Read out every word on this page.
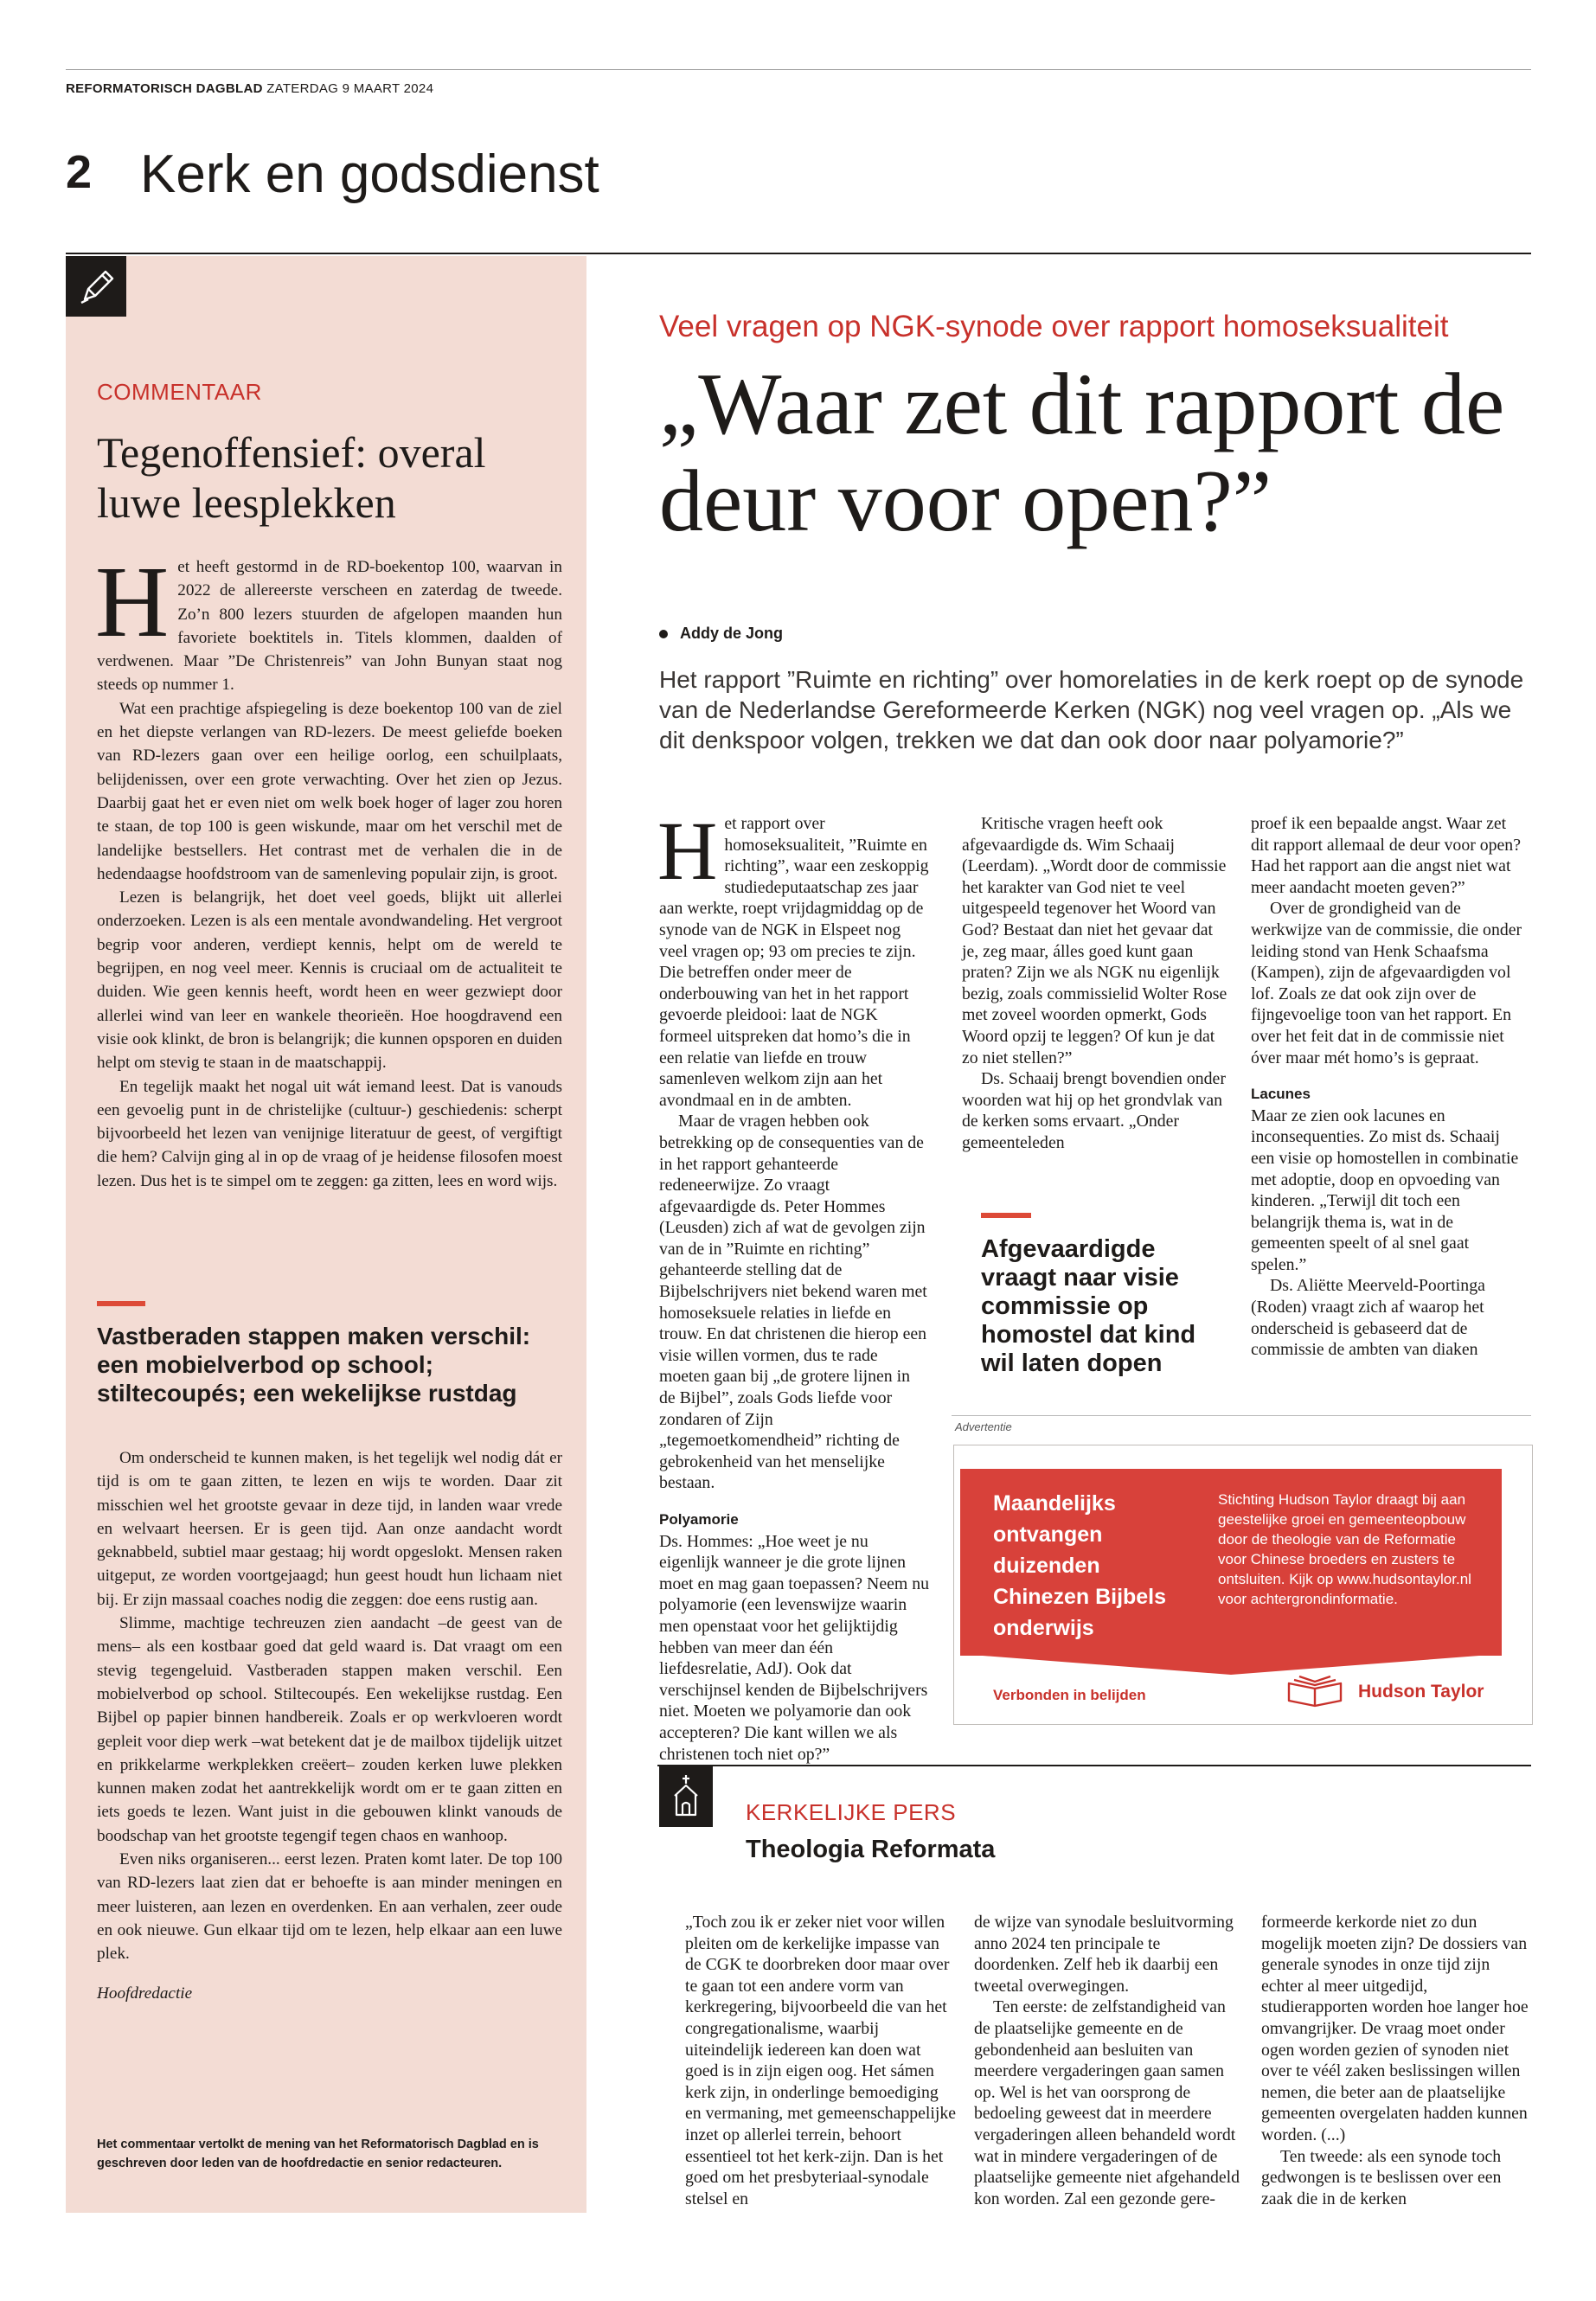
REFORMATORISCH DAGBLAD ZATERDAG 9 MAART 2024
2 Kerk en godsdienst
COMMENTAAR
Tegenoffensief: overal luwe leesplekken

Het heeft gestormd in de RD-boekentop 100, waarvan in 2022 de allereerste verscheen en zaterdag de tweede. Zo’n 800 lezers stuurden de afgelopen maanden hun favoriete boektitels in. Titels klommen, daalden of verdwenen. Maar ”De Christenreis” van John Bunyan staat nog steeds op nummer 1.

Wat een prachtige afspiegeling is deze boekentop 100 van de ziel en het diepste verlangen van RD-lezers. De meest geliefde boeken van RD-lezers gaan over een heilige oorlog, een schuilplaats, belijdenissen, over een grote verwachting. Over het zien op Jezus. Daarbij gaat het er even niet om welk boek hoger of lager zou horen te staan, de top 100 is geen wiskunde, maar om het verschil met de landelijke bestsellers. Het contrast met de verhalen die in de hedendaagse hoofdstroom van de samenleving populair zijn, is groot.

Lezen is belangrijk, het doet veel goeds, blijkt uit allerlei onderzoeken. Lezen is als een mentale avondwandeling. Het vergroot begrip voor anderen, verdiept kennis, helpt om de wereld te begrijpen, en nog veel meer. Kennis is cruciaal om de actualiteit te duiden. Wie geen kennis heeft, wordt heen en weer gezwiept door allerlei wind van leer en wankele theorieën. Hoe hoogdravend een visie ook klinkt, de bron is belangrijk; die kunnen opsporen en duiden helpt om stevig te staan in de maatschappij.

En tegelijk maakt het nogal uit wát iemand leest. Dat is vanouds een gevoelig punt in de christelijke (cultuur-) geschiedenis: scherpt bijvoorbeeld het lezen van venijnige literatuur de geest, of vergiftigt die hem? Calvijn ging al in op de vraag of je heidense filosofen moest lezen. Dus het is te simpel om te zeggen: ga zitten, lees en word wijs.

Vastberaden stappen maken verschil: een mobielverbod op school; stiltecoupés; een wekelijkse rustdag

Om onderscheid te kunnen maken, is het tegelijk wel nodig dát er tijd is om te gaan zitten, te lezen en wijs te worden. Daar zit misschien wel het grootste gevaar in deze tijd, in landen waar vrede en welvaart heersen. Er is geen tijd. Aan onze aandacht wordt geknabbeld, subtiel maar gestaag; hij wordt opgeslokt. Mensen raken uitgeput, ze worden voortgejaagd; hun geest houdt hun lichaam niet bij. Er zijn massaal coaches nodig die zeggen: doe eens rustig aan.

Slimme, machtige techreuzen zien aandacht –de geest van de mens– als een kostbaar goed dat geld waard is. Dat vraagt om een stevig tegengeluid. Vastberaden stappen maken verschil. Een mobielverbod op school. Stiltecoupés. Een wekelijkse rustdag. Een Bijbel op papier binnen handbereik. Zoals er op werkvloeren wordt gepleit voor diep werk –wat betekent dat je de mailbox tijdelijk uitzet en prikkelarme werkplekken creëert– zouden kerken luwe plekken kunnen maken zodat het aantrekkelijk wordt om er te gaan zitten en iets goeds te lezen. Want juist in die gebouwen klinkt vanouds de boodschap van het grootste tegengif tegen chaos en wanhoop.

Even niks organiseren... eerst lezen. Praten komt later. De top 100 van RD-lezers laat zien dat er behoefte is aan minder meningen en meer luisteren, aan lezen en overdenken. En aan verhalen, zeer oude en ook nieuwe. Gun elkaar tijd om te lezen, help elkaar aan een luwe plek.

Hoofdredactie

Het commentaar vertolkt de mening van het Reformatorisch Dagblad en is geschreven door leden van de hoofdredactie en senior redacteuren.
Veel vragen op NGK-synode over rapport homoseksualiteit
„Waar zet dit rapport de deur voor open?”
Addy de Jong
Het rapport ”Ruimte en richting” over homorelaties in de kerk roept op de synode van de Nederlandse Gereformeerde Kerken (NGK) nog veel vragen op. „Als we dit denkspoor volgen, trekken we dat dan ook door naar polyamorie?”

Het rapport over homoseksualiteit, ”Ruimte en richting”, waar een zeskoppig studiedeputaatschap zes jaar aan werkte, roept vrijdagmiddag op de synode van de NGK in Elspeet nog veel vragen op; 93 om precies te zijn. Die betreffen onder meer de onderbouwing van het in het rapport gevoerde pleidooi: laat de NGK formeel uitspreken dat homo’s die in een relatie van liefde en trouw samenleven welkom zijn aan het avondmaal en in de ambten.

Maar de vragen hebben ook betrekking op de consequenties van de in het rapport gehanteerde redeneerwijze. Zo vraagt afgevaardigde ds. Peter Hommes (Leusden) zich af wat de gevolgen zijn van de in ”Ruimte en richting” gehanteerde stelling dat de Bijbelschrijvers niet bekend waren met homoseksuele relaties in liefde en trouw. En dat christenen die hierop een visie willen vormen, dus te rade moeten gaan bij „de grotere lijnen in de Bijbel”, zoals Gods liefde voor zondaren of Zijn „tegemoetkomendheid” richting de gebrokenheid van het menselijke bestaan.

Polyamorie

Ds. Hommes: „Hoe weet je nu eigenlijk wanneer je die grote lijnen moet en mag gaan toepassen? Neem nu polyamorie (een levenswijze waarin men openstaat voor het gelijktijdig hebben van meer dan één liefdesrelatie, AdJ). Ook dat verschijnsel kenden de Bijbelschrijvers niet. Moeten we polyamorie dan ook accepteren? Die kant willen we als christenen toch niet op?”

Kritische vragen heeft ook afgevaardigde ds. Wim Schaaij (Leerdam). „Wordt door de commissie het karakter van God niet te veel uitgespeeld tegenover het Woord van God? Bestaat dan niet het gevaar dat je, zeg maar, álles goed kunt gaan praten? Zijn we als NGK nu eigenlijk bezig, zoals commissielid Wolter Rose met zoveel woorden opmerkt, Gods Woord opzij te leggen? Of kun je dat zo niet stellen?”

Ds. Schaaij brengt bovendien onder woorden wat hij op het grondvlak van de kerken soms ervaart. „Onder gemeenteleden

Afgevaardigde vraagt naar visie commissie op homostel dat kind wil laten dopen

proef ik een bepaalde angst. Waar zet dit rapport allemaal de deur voor open? Had het rapport aan die angst niet wat meer aandacht moeten geven?”

Over de grondigheid van de werkwijze van de commissie, die onder leiding stond van Henk Schaafsma (Kampen), zijn de afgevaardigden vol lof. Zoals ze dat ook zijn over de fijngevoelige toon van het rapport. En over het feit dat in de commissie niet óver maar mét homo’s is gepraat.

Lacunes

Maar ze zien ook lacunes en inconsequenties. Zo mist ds. Schaaij een visie op homostellen in combinatie met adoptie, doop en opvoeding van kinderen. „Terwijl dit toch een belangrijk thema is, wat in de gemeenten speelt of al snel gaat spelen.”

Ds. Aliëtte Meerveld-Poortinga (Roden) vraagt zich af waarop het onderscheid is gebaseerd dat de commissie de ambten van diaken

Advertentie
Maandelijks ontvangen duizenden Chinezen Bijbels onderwijs
Stichting Hudson Taylor draagt bij aan geestelijke groei en gemeenteopbouw door de theologie van de Reformatie voor Chinese broeders en zusters te ontsluiten. Kijk op www.hudsontaylor.nl voor achtergrondinformatie.
Verbonden in belijden	Hudson Taylor
KERKELIJKE PERS
Theologia Reformata

„Toch zou ik er zeker niet voor willen pleiten om de kerkelijke impasse van de CGK te doorbreken door maar over te gaan tot een andere vorm van kerkregering, bijvoorbeeld die van het congregationalisme, waarbij uiteindelijk iedereen kan doen wat goed is in zijn eigen oog. Het sámen kerk zijn, in onderlinge bemoediging en vermaning, met gemeenschappelijke inzet op allerlei terrein, behoort essentieel tot het kerk-zijn. Dan is het goed om het presbyteriaal-synodale stelsel en

de wijze van synodale besluitvorming anno 2024 ten principale te doordenken. Zelf heb ik daarbij een tweetal overwegingen.

Ten eerste: de zelfstandigheid van de plaatselijke gemeente en de gebondenheid aan besluiten van meerdere vergaderingen gaan samen op. Wel is het van oorsprong de bedoeling geweest dat in meerdere vergaderingen alleen behandeld wordt wat in mindere vergaderingen of de plaatselijke gemeente niet afgehandeld kon worden. Zal een gezonde gere-

formeerde kerkorde niet zo dun mogelijk moeten zijn? De dossiers van generale synodes in onze tijd zijn echter al meer uitgedijd, studierapporten worden hoe langer hoe omvangrijker. De vraag moet onder ogen worden gezien of synoden niet over te véél zaken beslissingen willen nemen, die beter aan de plaatselijke gemeenten overgelaten hadden kunnen worden. (...)

Ten tweede: als een synode toch gedwongen is te beslissen over een zaak die in de kerken
